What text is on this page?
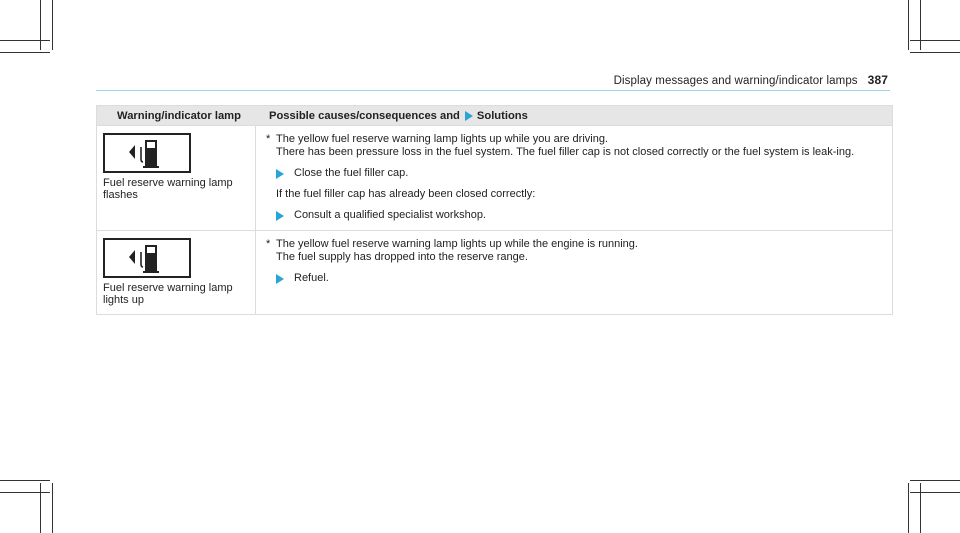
Display messages and warning/indicator lamps 387
Warning/indicator lamp	Possible causes/consequences and Solutions
Fuel reserve warning lamp flashes
* The yellow fuel reserve warning lamp lights up while you are driving.
There has been pressure loss in the fuel system. The fuel filler cap is not closed correctly or the fuel system is leak-ing.
Close the fuel filler cap.
If the fuel filler cap has already been closed correctly:
Consult a qualified specialist workshop.
Fuel reserve warning lamp lights up
* The yellow fuel reserve warning lamp lights up while the engine is running.
The fuel supply has dropped into the reserve range.
Refuel.
